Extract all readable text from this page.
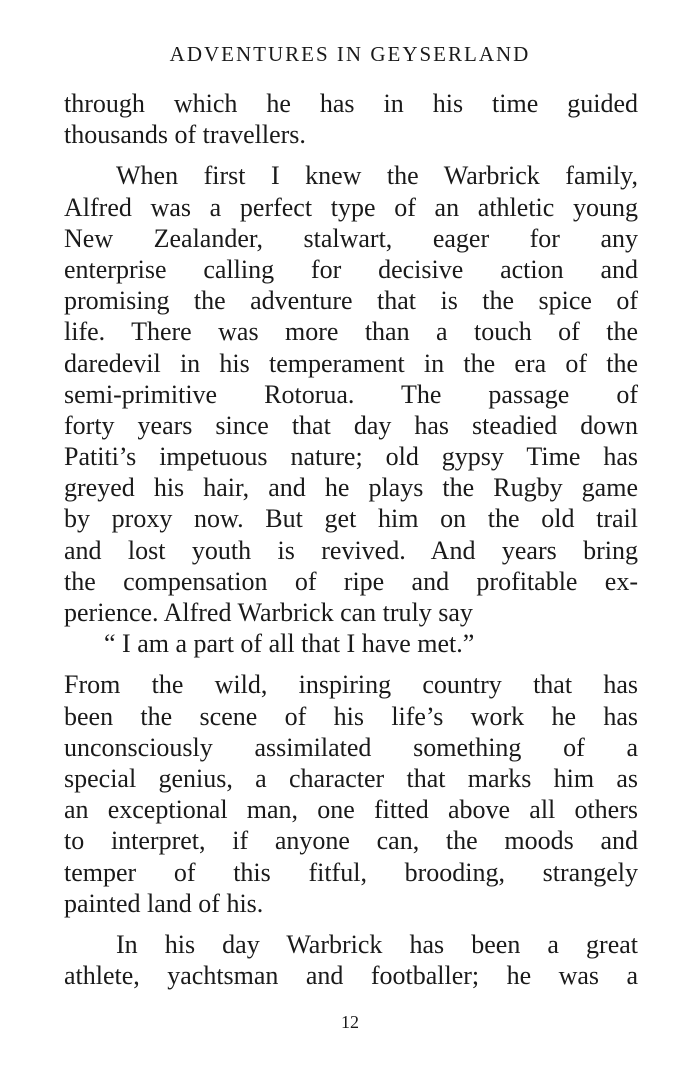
ADVENTURES IN GEYSERLAND
through which he has in his time guided
thousands of travellers.
When first I knew the Warbrick family,
Alfred was a perfect type of an athletic young
New Zealander, stalwart, eager for any
enterprise calling for decisive action and
promising the adventure that is the spice of
life. There was more than a touch of the
daredevil in his temperament in the era of the
semi-primitive Rotorua. The passage of
forty years since that day has steadied down
Patiti’s impetuous nature; old gypsy Time has
greyed his hair, and he plays the Rugby game
by proxy now. But get him on the old trail
and lost youth is revived. And years bring
the compensation of ripe and profitable ex-
perience. Alfred Warbrick can truly say
“ I am a part of all that I have met.”
From the wild, inspiring country that has
been the scene of his life’s work he has
unconsciously assimilated something of a
special genius, a character that marks him as
an exceptional man, one fitted above all others
to interpret, if anyone can, the moods and
temper of this fitful, brooding, strangely
painted land of his.
In his day Warbrick has been a great
athlete, yachtsman and footballer; he was a
12
